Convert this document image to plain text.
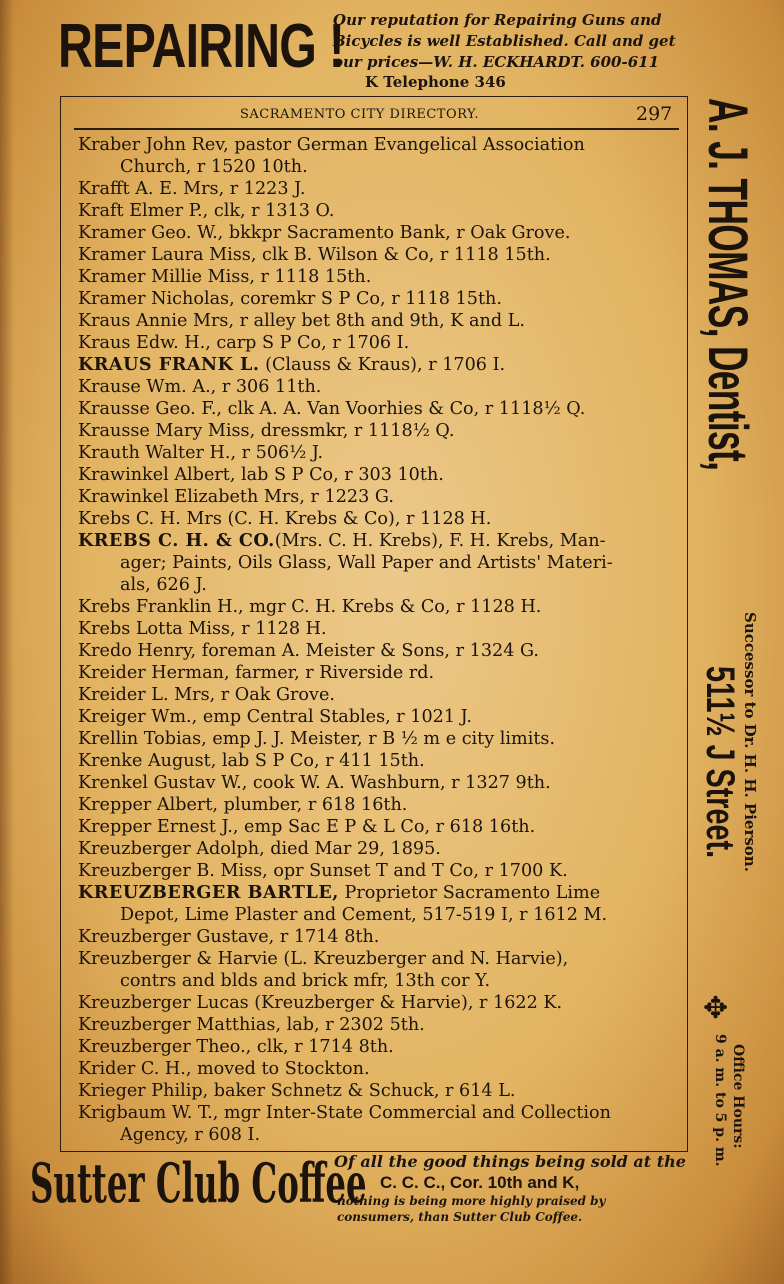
REPAIRING !
Our reputation for Repairing Guns and
Bicycles is well Established. Call and get
our prices—W. H. ECKHARDT. 600-611
K Telephone 346
SACRAMENTO CITY DIRECTORY.	297
Kraber John Rev, pastor German Evangelical Association
Church, r 1520 10th.
Krafft A. E. Mrs, r 1223 J.
Kraft Elmer P., clk, r 1313 O.
Kramer Geo. W., bkkpr Sacramento Bank, r Oak Grove.
Kramer Laura Miss, clk B. Wilson & Co, r 1118 15th.
Kramer Millie Miss, r 1118 15th.
Kramer Nicholas, coremkr S P Co, r 1118 15th.
Kraus Annie Mrs, r alley bet 8th and 9th, K and L.
Kraus Edw. H., carp S P Co, r 1706 I.
KRAUS FRANK L. (Clauss & Kraus), r 1706 I.
Krause Wm. A., r 306 11th.
Krausse Geo. F., clk A. A. Van Voorhies & Co, r 1118½ Q.
Krausse Mary Miss, dressmkr, r 1118½ Q.
Krauth Walter H., r 506½ J.
Krawinkel Albert, lab S P Co, r 303 10th.
Krawinkel Elizabeth Mrs, r 1223 G.
Krebs C. H. Mrs (C. H. Krebs & Co), r 1128 H.
KREBS C. H. & CO.(Mrs. C. H. Krebs), F. H. Krebs, Man-
ager; Paints, Oils Glass, Wall Paper and Artists' Materi-
als, 626 J.
Krebs Franklin H., mgr C. H. Krebs & Co, r 1128 H.
Krebs Lotta Miss, r 1128 H.
Kredo Henry, foreman A. Meister & Sons, r 1324 G.
Kreider Herman, farmer, r Riverside rd.
Kreider L. Mrs, r Oak Grove.
Kreiger Wm., emp Central Stables, r 1021 J.
Krellin Tobias, emp J. J. Meister, r B ½ m e city limits.
Krenke August, lab S P Co, r 411 15th.
Krenkel Gustav W., cook W. A. Washburn, r 1327 9th.
Krepper Albert, plumber, r 618 16th.
Krepper Ernest J., emp Sac E P & L Co, r 618 16th.
Kreuzberger Adolph, died Mar 29, 1895.
Kreuzberger B. Miss, opr Sunset T and T Co, r 1700 K.
KREUZBERGER BARTLE, Proprietor Sacramento Lime
Depot, Lime Plaster and Cement, 517-519 I, r 1612 M.
Kreuzberger Gustave, r 1714 8th.
Kreuzberger & Harvie (L. Kreuzberger and N. Harvie),
contrs and blds and brick mfr, 13th cor Y.
Kreuzberger Lucas (Kreuzberger & Harvie), r 1622 K.
Kreuzberger Matthias, lab, r 2302 5th.
Kreuzberger Theo., clk, r 1714 8th.
Krider C. H., moved to Stockton.
Krieger Philip, baker Schnetz & Schuck, r 614 L.
Krigbaum W. T., mgr Inter-State Commercial and Collection
Agency, r 608 I.
A. J. THOMAS, Dentist,
Successor to Dr. H. H. Pierson.
511½ J Street.
✥
Office Hours:
9 a. m. to 5 p. m.
Sutter Club Coffee
Of all the good things being sold at the
C. C. C., Cor. 10th and K,
nothing is being more highly praised by
consumers, than Sutter Club Coffee.
